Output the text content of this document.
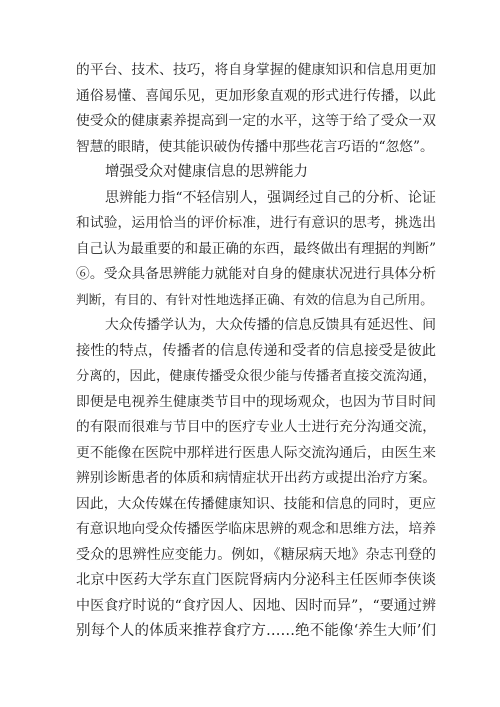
的平台、技术、技巧，将自身掌握的健康知识和信息用更加
通俗易懂、喜闻乐见，更加形象直观的形式进行传播，以此
使受众的健康素养提高到一定的水平，这等于给了受众一双
智慧的眼睛，使其能识破伪传播中那些花言巧语的“忽悠”。
增强受众对健康信息的思辨能力
思辨能力指“不轻信别人，强调经过自己的分析、论证
和试验，运用恰当的评价标准，进行有意识的思考，挑选出
自己认为最重要的和最正确的东西，最终做出有理据的判断”
⑥。受众具备思辨能力就能对自身的健康状况进行具体分析
判断，有目的、有针对性地选择正确、有效的信息为自己所用。
大众传播学认为，大众传播的信息反馈具有延迟性、间
接性的特点，传播者的信息传递和受者的信息接受是彼此
分离的，因此，健康传播受众很少能与传播者直接交流沟通，
即便是电视养生健康类节目中的现场观众，也因为节目时间
的有限而很难与节目中的医疗专业人士进行充分沟通交流，
更不能像在医院中那样进行医患人际交流沟通后，由医生来
辨别诊断患者的体质和病情症状开出药方或提出治疗方案。
因此，大众传媒在传播健康知识、技能和信息的同时，更应
有意识地向受众传播医学临床思辨的观念和思维方法，培养
受众的思辨性应变能力。例如，《糖尿病天地》杂志刊登的
北京中医药大学东直门医院肾病内分泌科主任医师李侠谈
中医食疗时说的“食疗因人、因地、因时而异”，“要通过辨
别每个人的体质来推荐食疗方……绝不能像‘养生大师’们
